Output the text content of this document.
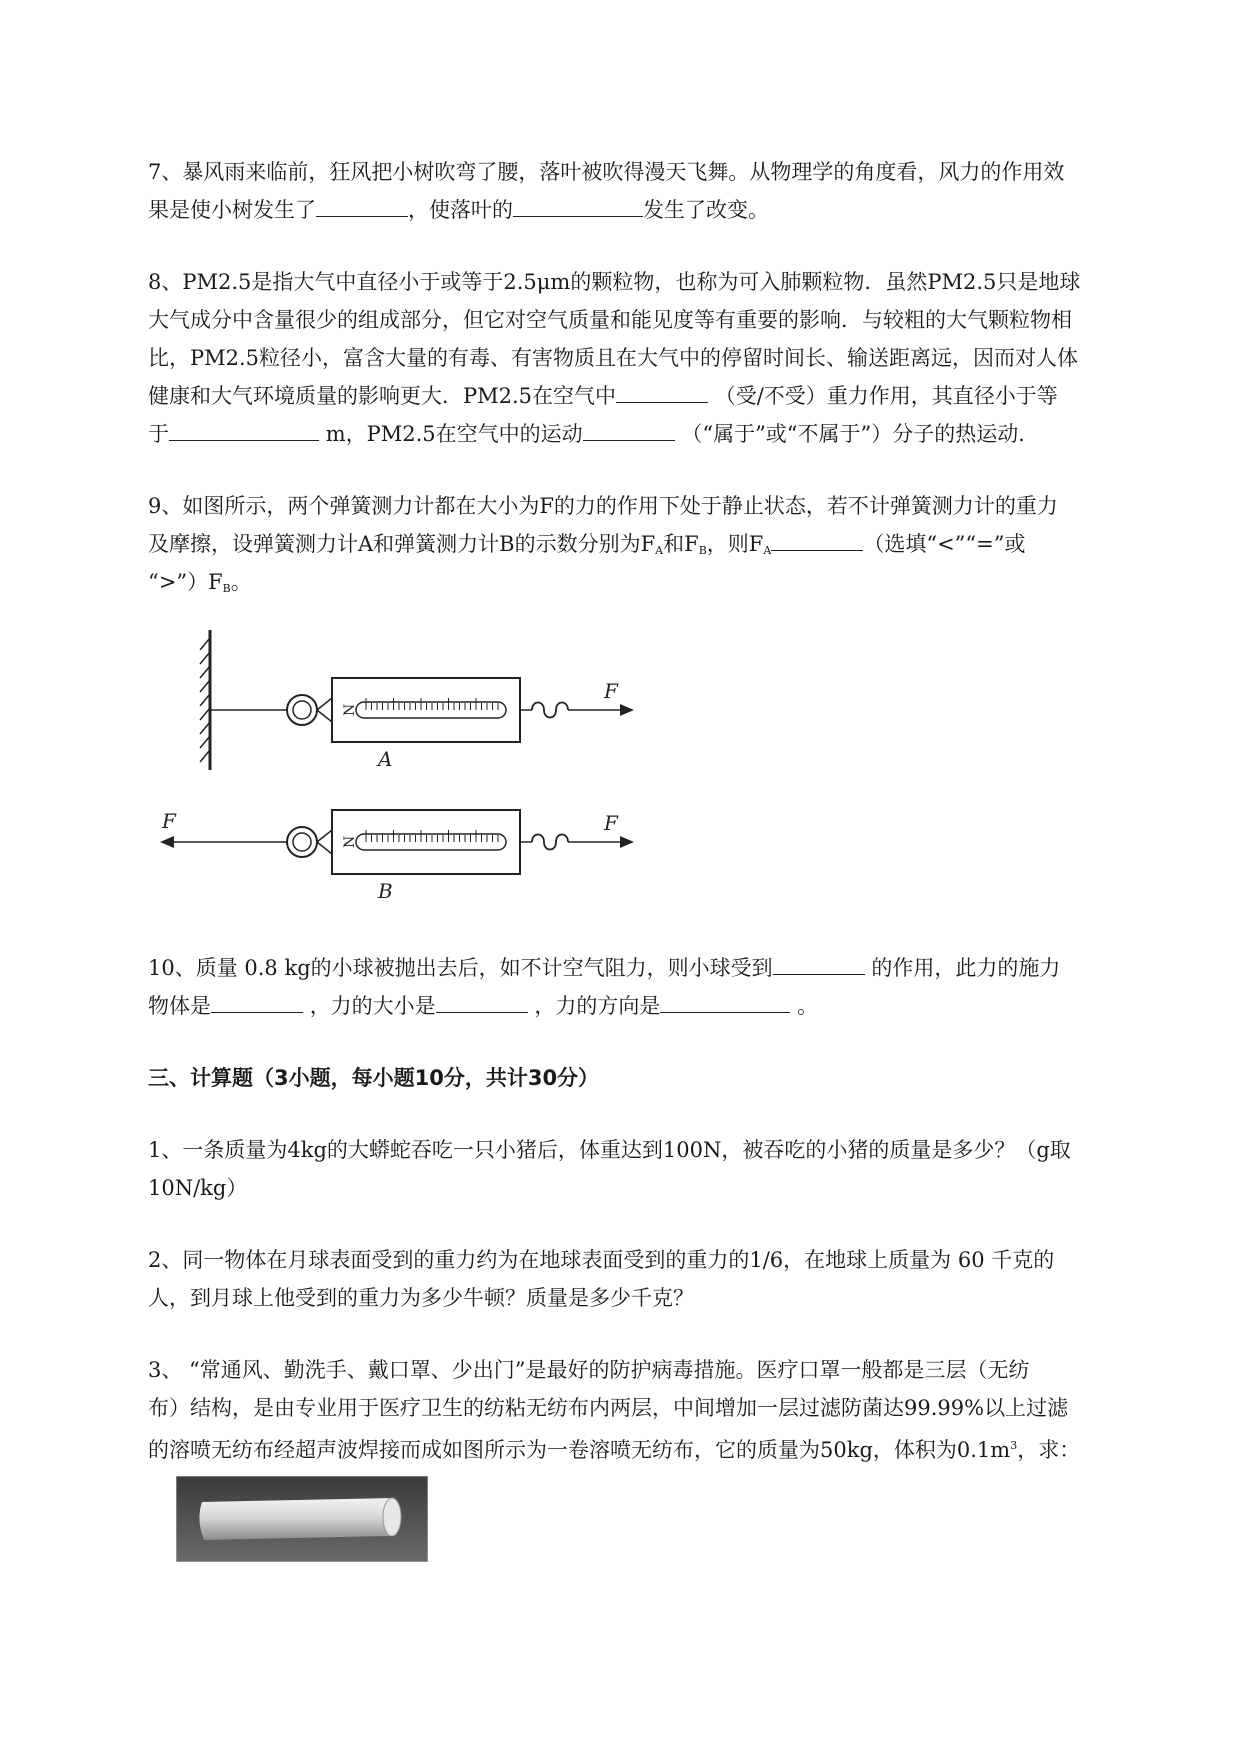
7、暴风雨来临前，狂风把小树吹弯了腰，落叶被吹得漫天飞舞。从物理学的角度看，风力的作用效

果是使小树发生了	，使落叶的	发生了改变。

8、PM2.5是指大气中直径小于或等于2.5μm的颗粒物，也称为可入肺颗粒物．虽然PM2.5只是地球

大气成分中含量很少的组成部分，但它对空气质量和能见度等有重要的影响．与较粗的大气颗粒物相

比，PM2.5粒径小，富含大量的有毒、有害物质且在大气中的停留时间长、输送距离远，因而对人体

健康和大气环境质量的影响更大．PM2.5在空气中	（受/不受）重力作用，其直径小于等

于	m，PM2.5在空气中的运动	（“属于”或“不属于”）分子的热运动．

9、如图所示，两个弹簧测力计都在大小为F的力的作用下处于静止状态，若不计弹簧测力计的重力

及摩擦，设弹簧测力计A和弹簧测力计B的示数分别为$F_A$和$F_B$，则$F_A$	（选填“<”“=”或

“$>”)F_B$。

N
F
A
F
N
F
B

10、质量 0.8 kg的小球被抛出去后，如不计空气阻力，则小球受到	的作用，此力的施力

物体是	，力的大小是	，力的方向是	。

三、计算题（3小题，每小题10分，共计30分）

1、一条质量为4kg的大蟒蛇吞吃一只小猪后，体重达到100N，被吞吃的小猪的质量是多少？（g取

10N/kg）

2、同一物体在月球表面受到的重力约为在地球表面受到的重力的1/6，在地球上质量为 60 千克的

人，到月球上他受到的重力为多少牛顿？质量是多少千克？

3、 “常通风、勤洗手、戴口罩、少出门”是最好的防护病毒措施。医疗口罩一般都是三层（无纺

布）结构，是由专业用于医疗卫生的纺粘无纺布内两层，中间增加一层过滤防菌达99.99%以上过滤

的溶喷无纺布经超声波焊接而成如图所示为一卷溶喷无纺布，它的质量为50kg，体积为$0.1m^3$，求：
